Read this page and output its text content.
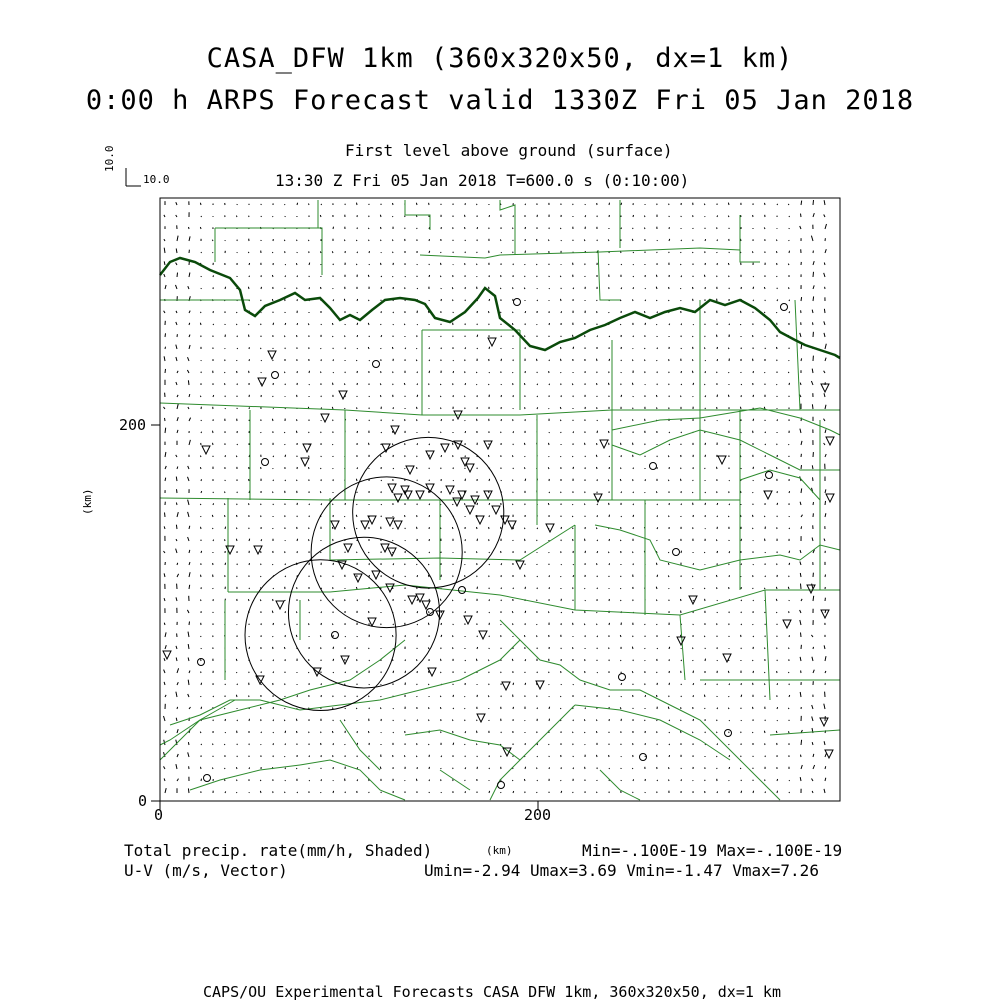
CASA_DFW 1km (360x320x50, dx=1 km)
0:00 h ARPS Forecast valid 1330Z Fri 05 Jan 2018
First level above ground (surface)
13:30 Z Fri 05 Jan 2018 T=600.0 s (0:10:00)
10.0
10.0
0	200
0
200
(km)
(km)
Total precip. rate(mm/h, Shaded)
U-V (m/s, Vector)
Min=-.100E-19 Max=-.100E-19
Umin=-2.94 Umax=3.69 Vmin=-1.47 Vmax=7.26
CAPS/OU Experimental Forecasts CASA DFW 1km, 360x320x50, dx=1 km
